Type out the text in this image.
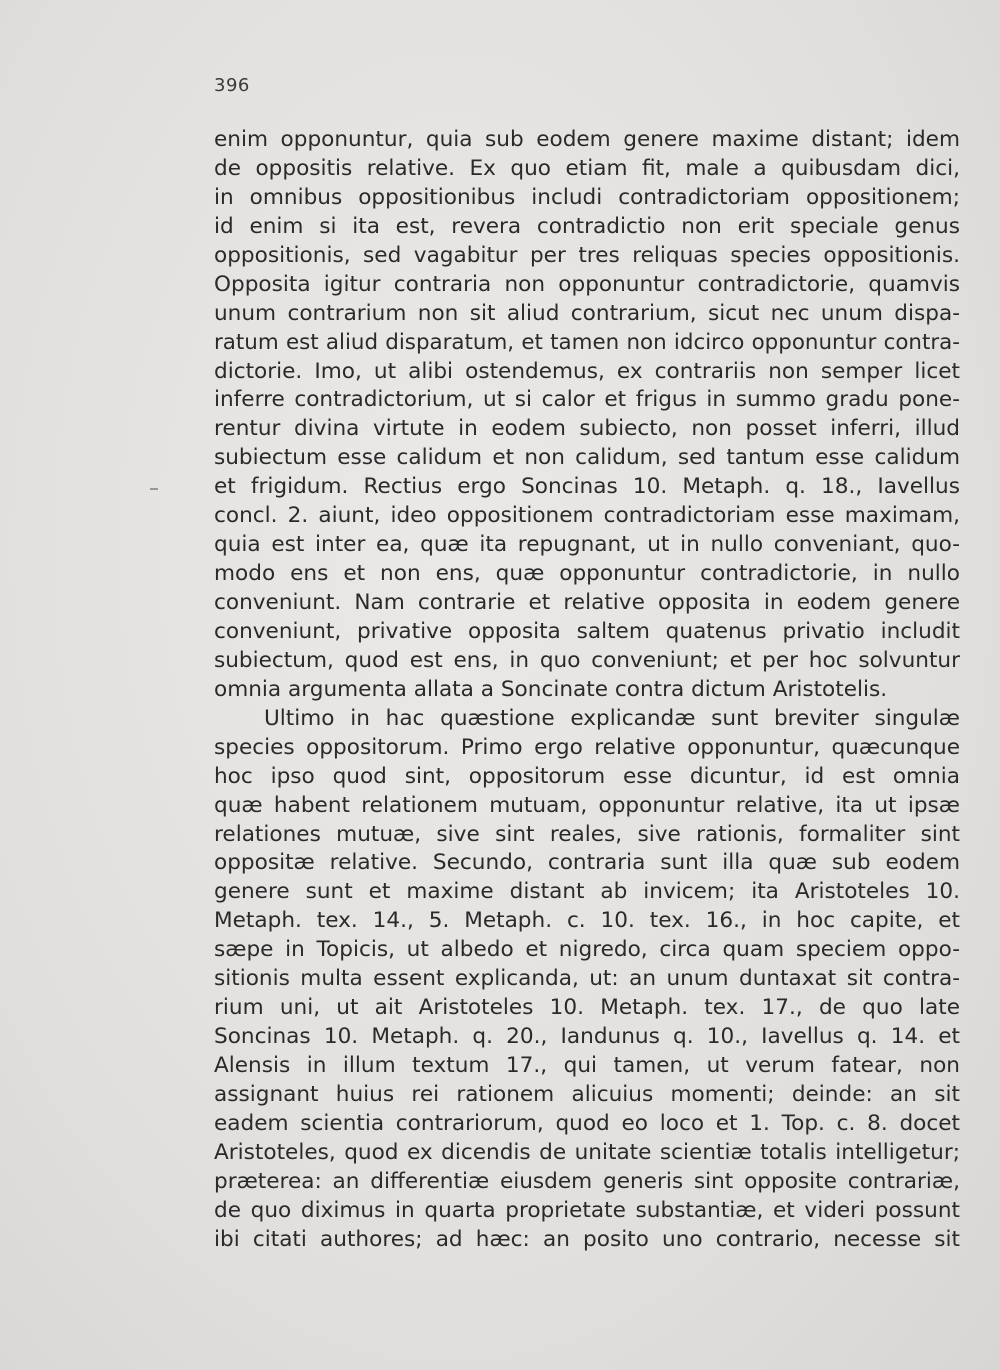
396
enim opponuntur, quia sub eodem genere maxime distant; idem
de oppositis relative. Ex quo etiam fit, male a quibusdam dici,
in omnibus oppositionibus includi contradictoriam oppositionem;
id enim si ita est, revera contradictio non erit speciale genus
oppositionis, sed vagabitur per tres reliquas species oppositionis.
Opposita igitur contraria non opponuntur contradictorie, quamvis
unum contrarium non sit aliud contrarium, sicut nec unum dispa-
ratum est aliud disparatum, et tamen non idcirco opponuntur contra-
dictorie. Imo, ut alibi ostendemus, ex contrariis non semper licet
inferre contradictorium, ut si calor et frigus in summo gradu pone-
rentur divina virtute in eodem subiecto, non posset inferri, illud
subiectum esse calidum et non calidum, sed tantum esse calidum
et frigidum. Rectius ergo Soncinas 10. Metaph. q. 18., Iavellus
concl. 2. aiunt, ideo oppositionem contradictoriam esse maximam,
quia est inter ea, quæ ita repugnant, ut in nullo conveniant, quo-
modo ens et non ens, quæ opponuntur contradictorie, in nullo
conveniunt. Nam contrarie et relative opposita in eodem genere
conveniunt, privative opposita saltem quatenus privatio includit
subiectum, quod est ens, in quo conveniunt; et per hoc solvuntur
omnia argumenta allata a Soncinate contra dictum Aristotelis.
Ultimo in hac quæstione explicandæ sunt breviter singulæ
species oppositorum. Primo ergo relative opponuntur, quæcunque
hoc ipso quod sint, oppositorum esse dicuntur, id est omnia
quæ habent relationem mutuam, opponuntur relative, ita ut ipsæ
relationes mutuæ, sive sint reales, sive rationis, formaliter sint
oppositæ relative. Secundo, contraria sunt illa quæ sub eodem
genere sunt et maxime distant ab invicem; ita Aristoteles 10.
Metaph. tex. 14., 5. Metaph. c. 10. tex. 16., in hoc capite, et
sæpe in Topicis, ut albedo et nigredo, circa quam speciem oppo-
sitionis multa essent explicanda, ut: an unum duntaxat sit contra-
rium uni, ut ait Aristoteles 10. Metaph. tex. 17., de quo late
Soncinas 10. Metaph. q. 20., Iandunus q. 10., Iavellus q. 14. et
Alensis in illum textum 17., qui tamen, ut verum fatear, non
assignant huius rei rationem alicuius momenti; deinde: an sit
eadem scientia contrariorum, quod eo loco et 1. Top. c. 8. docet
Aristoteles, quod ex dicendis de unitate scientiæ totalis intelligetur;
præterea: an differentiæ eiusdem generis sint opposite contrariæ,
de quo diximus in quarta proprietate substantiæ, et videri possunt
ibi citati authores; ad hæc: an posito uno contrario, necesse sit
